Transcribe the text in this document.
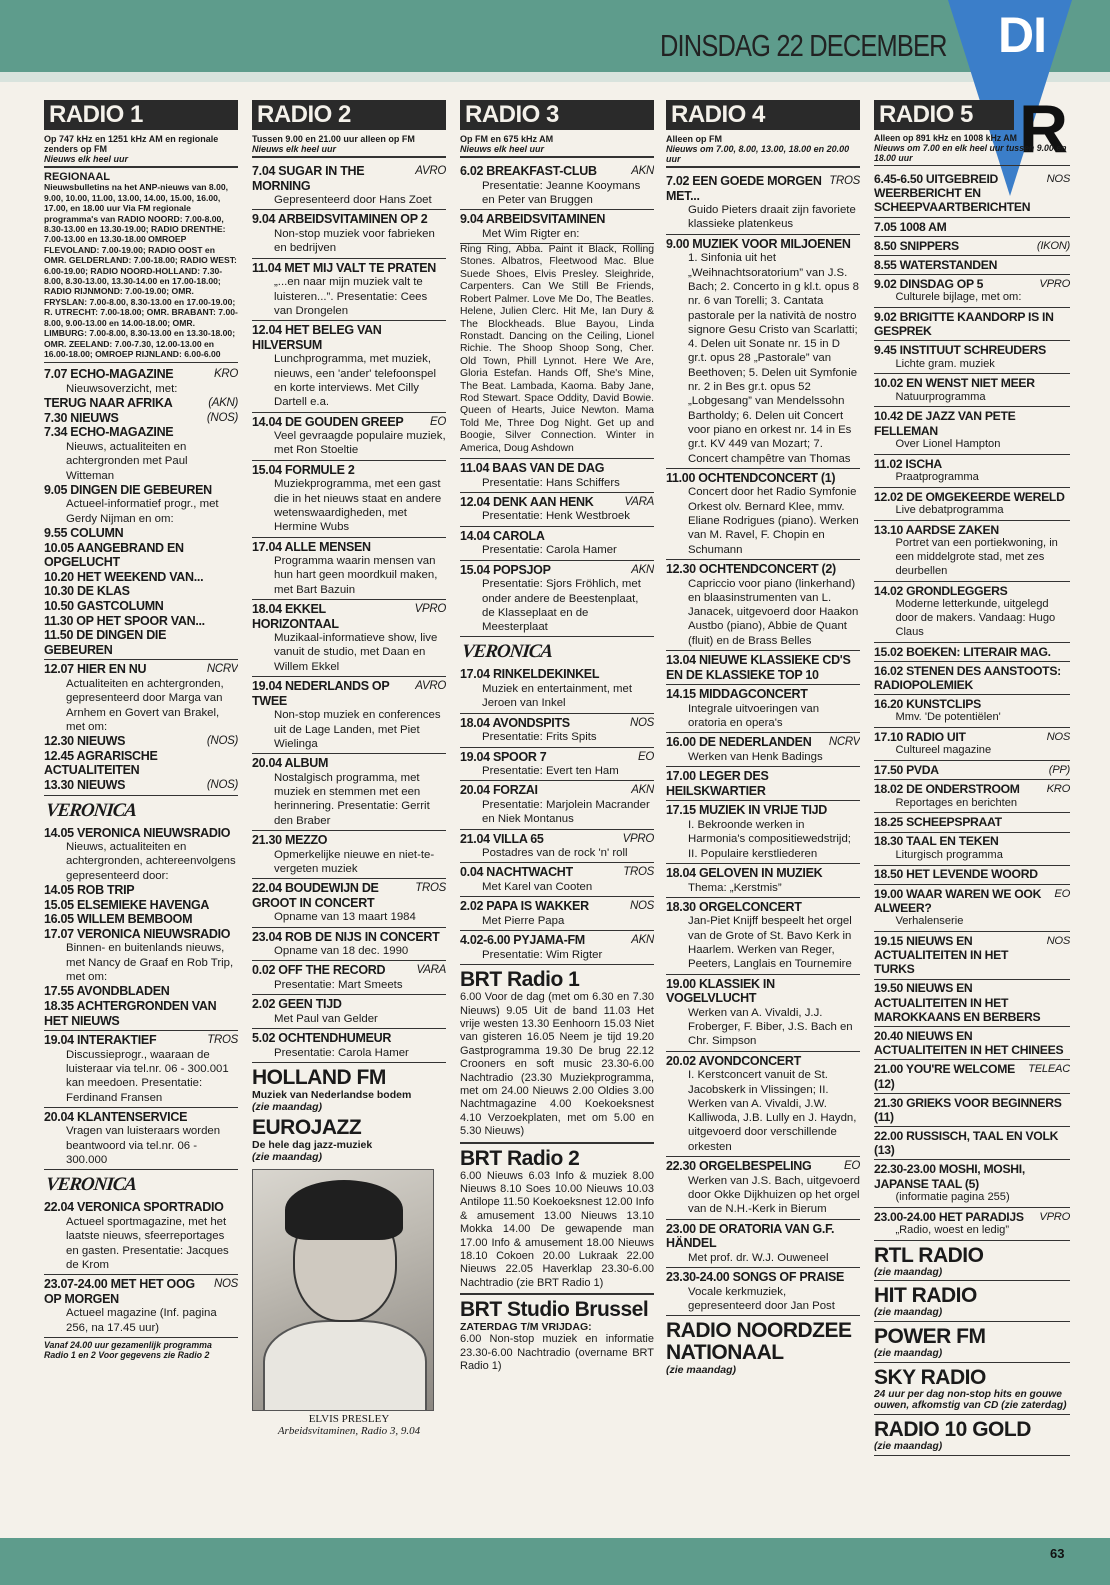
DINSDAG 22 DECEMBER DI
R
RADIO 1
Op 747 kHz en 1251 kHz AM en regionale zenders op FM
Nieuws elk heel uur
REGIONAAL
Nieuwsbulletins na het ANP-nieuws van 8.00, 9.00, 10.00, 11.00, 13.00, 14.00, 15.00, 16.00, 17.00, en 18.00 uur Via FM regionale programma's van RADIO NOORD: 7.00-8.00, 8.30-13.00 en 13.30-19.00; RADIO DRENTHE: 7.00-13.00 en 13.30-18.00 OMROEP FLEVOLAND: 7.00-19.00; RADIO OOST en OMR. GELDERLAND: 7.00-18.00; RADIO WEST: 6.00-19.00; RADIO NOORD-HOLLAND: 7.30-8.00, 8.30-13.00, 13.30-14.00 en 17.00-18.00; RADIO RIJNMOND: 7.00-19.00; OMR. FRYSLAN: 7.00-8.00, 8.30-13.00 en 17.00-19.00; R. UTRECHT: 7.00-18.00; OMR. BRABANT: 7.00-8.00, 9.00-13.00 en 14.00-18.00; OMR. LIMBURG: 7.00-8.00, 8.30-13.00 en 13.30-18.00; OMR. ZEELAND: 7.00-7.30, 12.00-13.00 en 16.00-18.00; OMROEP RIJNLAND: 6.00-6.00
7.07 ECHO-MAGAZINE	KRO
Nieuwsoverzicht, met:
TERUG NAAR AFRIKA	(AKN)
7.30 NIEUWS	(NOS)
7.34 ECHO-MAGAZINE
Nieuws, actualiteiten en achtergronden met Paul Witteman
9.05 DINGEN DIE GEBEUREN
Actueel-informatief progr., met Gerdy Nijman en om:
9.55 COLUMN
10.05 AANGEBRAND EN OPGELUCHT
10.20 HET WEEKEND VAN...
10.30 DE KLAS
10.50 GASTCOLUMN
11.30 OP HET SPOOR VAN...
11.50 DE DINGEN DIE GEBEUREN
12.07 HIER EN NU	NCRV
Actualiteiten en achtergronden, gepresenteerd door Marga van Arnhem en Govert van Brakel, met om:
12.30 NIEUWS	(NOS)
12.45 AGRARISCHE ACTUALITEITEN
13.30 NIEUWS	(NOS)
VERONICA
14.05 VERONICA NIEUWSRADIO
Nieuws, actualiteiten en achtergronden, achtereenvolgens gepresenteerd door:
14.05 ROB TRIP
15.05 ELSEMIEKE HAVENGA
16.05 WILLEM BEMBOOM
17.07 VERONICA NIEUWSRADIO
Binnen- en buitenlands nieuws, met Nancy de Graaf en Rob Trip, met om:
17.55 AVONDBLADEN
18.35 ACHTERGRONDEN VAN HET NIEUWS
19.04 INTERAKTIEF	TROS
Discussieprogr., waaraan de luisteraar via tel.nr. 06 - 300.001 kan meedoen. Presentatie: Ferdinand Fransen
20.04 KLANTENSERVICE
Vragen van luisteraars worden beantwoord via tel.nr. 06 - 300.000
VERONICA
22.04 VERONICA SPORTRADIO
Actueel sportmagazine, met het laatste nieuws, sfeerreportages en gasten. Presentatie: Jacques de Krom
23.07-24.00 MET HET OOG OP MORGEN
NOS
Actueel magazine (Inf. pagina 256, na 17.45 uur)
Vanaf 24.00 uur gezamenlijk programma Radio 1 en 2 Voor gegevens zie Radio 2
RADIO 2
Tussen 9.00 en 21.00 uur alleen op FM
Nieuws elk heel uur
7.04 SUGAR IN THE MORNING
AVRO
Gepresenteerd door Hans Zoet
9.04 ARBEIDSVITAMINEN OP 2
Non-stop muziek voor fabrieken en bedrijven
11.04 MET MIJ VALT TE PRATEN
„...en naar mijn muziek valt te luisteren...”. Presentatie: Cees van Drongelen
12.04 HET BELEG VAN HILVERSUM
Lunchprogramma, met muziek, nieuws, een 'ander' telefoonspel en korte interviews. Met Cilly Dartell e.a.
14.04 DE GOUDEN GREEP EO
Veel gevraagde populaire muziek, met Ron Stoeltie
15.04 FORMULE 2
Muziekprogramma, met een gast die in het nieuws staat en andere wetenswaardigheden, met Hermine Wubs
17.04 ALLE MENSEN
Programma waarin mensen van hun hart geen moordkuil maken, met Bart Bazuin
18.04 EKKEL HORIZONTAAL
VPRO
Muzikaal-informatieve show, live vanuit de studio, met Daan en Willem Ekkel
19.04 NEDERLANDS OP TWEE
AVRO
Non-stop muziek en conferences uit de Lage Landen, met Piet Wielinga
20.04 ALBUM
Nostalgisch programma, met muziek en stemmen met een herinnering. Presentatie: Gerrit den Braber
21.30 MEZZO
Opmerkelijke nieuwe en niet-te-vergeten muziek
22.04 BOUDEWIJN DE GROOT IN CONCERT
TROS
Opname van 13 maart 1984
23.04 ROB DE NIJS IN CONCERT
Opname van 18 dec. 1990
0.02 OFF THE RECORD	VARA
Presentatie: Mart Smeets
2.02 GEEN TIJD
Met Paul van Gelder
5.02 OCHTENDHUMEUR
Presentatie: Carola Hamer
HOLLAND FM
Muziek van Nederlandse bodem
(zie maandag)
EUROJAZZ
De hele dag jazz-muziek
(zie maandag)
ELVIS PRESLEY
Arbeidsvitaminen, Radio 3, 9.04
RADIO 3
Op FM en 675 kHz AM
Nieuws elk heel uur
6.02 BREAKFAST-CLUB	AKN
Presentatie: Jeanne Kooymans en Peter van Bruggen
9.04 ARBEIDSVITAMINEN
Met Wim Rigter en:
Ring Ring, Abba. Paint it Black, Rolling Stones. Albatros, Fleetwood Mac. Blue Suede Shoes, Elvis Presley. Sleighride, Carpenters. Can We Still Be Friends, Robert Palmer. Love Me Do, The Beatles. Helene, Julien Clerc. Hit Me, Ian Dury & The Blockheads. Blue Bayou, Linda Ronstadt. Dancing on the Ceiling, Lionel Richie. The Shoop Shoop Song, Cher. Old Town, Phill Lynnot. Here We Are, Gloria Estefan. Hands Off, She's Mine, The Beat. Lambada, Kaoma. Baby Jane, Rod Stewart. Space Oddity, David Bowie. Queen of Hearts, Juice Newton. Mama Told Me, Three Dog Night. Get up and Boogie, Silver Connection. Winter in America, Doug Ashdown
11.04 BAAS VAN DE DAG
Presentatie: Hans Schiffers
12.04 DENK AAN HENK	VARA
Presentatie: Henk Westbroek
14.04 CAROLA
Presentatie: Carola Hamer
15.04 POPSJOP	AKN
Presentatie: Sjors Fröhlich, met onder andere de Beestenplaat, de Klasseplaat en de Meesterplaat
VERONICA
17.04 RINKELDEKINKEL
Muziek en entertainment, met Jeroen van Inkel
18.04 AVONDSPITS	NOS
Presentatie: Frits Spits
19.04 SPOOR 7	EO
Presentatie: Evert ten Ham
20.04 FORZAI	AKN
Presentatie: Marjolein Macrander en Niek Montanus
21.04 VILLA 65	VPRO
Postadres van de rock 'n' roll
0.04 NACHTWACHT	TROS
Met Karel van Cooten
2.02 PAPA IS WAKKER	NOS
Met Pierre Papa
4.02-6.00 PYJAMA-FM	AKN
Presentatie: Wim Rigter
BRT Radio 1
6.00 Voor de dag (met om 6.30 en 7.30 Nieuws) 9.05 Uit de band 11.03 Het vrije westen 13.30 Eenhoorn 15.03 Niet van gisteren 16.05 Neem je tijd 19.20 Gastprogramma 19.30 De brug 22.12 Crooners en soft music 23.30-6.00 Nachtradio (23.30 Muziekprogramma, met om 24.00 Nieuws 2.00 Oldies 3.00 Nachtmagazine 4.00 Koekoeksnest 4.10 Verzoekplaten, met om 5.00 en 5.30 Nieuws)
BRT Radio 2
6.00 Nieuws 6.03 Info & muziek 8.00 Nieuws 8.10 Soes 10.00 Nieuws 10.03 Antilope 11.50 Koekoeksnest 12.00 Info & amusement 13.00 Nieuws 13.10 Mokka 14.00 De gewapende man 17.00 Info & amusement 18.00 Nieuws 18.10 Cokoen 20.00 Lukraak 22.00 Nieuws 22.05 Haverklap 23.30-6.00 Nachtradio (zie BRT Radio 1)
BRT Studio Brussel
ZATERDAG T/M VRIJDAG:
6.00 Non-stop muziek en informatie 23.30-6.00 Nachtradio (overname BRT Radio 1)
RADIO 4
Alleen op FM
Nieuws om 7.00, 8.00, 13.00, 18.00 en 20.00 uur
7.02 EEN GOEDE MORGEN MET...
TROS
Guido Pieters draait zijn favoriete klassieke platenkeus
9.00 MUZIEK VOOR MILJOENEN
1. Sinfonia uit het „Weihnachtsoratorium” van J.S. Bach; 2. Concerto in g kl.t. opus 8 nr. 6 van Torelli; 3. Cantata pastorale per la natività de nostro signore Gesu Cristo van Scarlatti; 4. Delen uit Sonate nr. 15 in D gr.t. opus 28 „Pastorale” van Beethoven; 5. Delen uit Symfonie nr. 2 in Bes gr.t. opus 52 „Lobgesang” van Mendelssohn Bartholdy; 6. Delen uit Concert voor piano en orkest nr. 14 in Es gr.t. KV 449 van Mozart; 7. Concert champêtre van Thomas
11.00 OCHTENDCONCERT (1)
Concert door het Radio Symfonie Orkest olv. Bernard Klee, mmv. Eliane Rodrigues (piano). Werken van M. Ravel, F. Chopin en Schumann
12.30 OCHTENDCONCERT (2)
Capriccio voor piano (linkerhand) en blaasinstrumenten van L. Janacek, uitgevoerd door Haakon Austbo (piano), Abbie de Quant (fluit) en de Brass Belles
13.04 NIEUWE KLASSIEKE CD'S EN DE KLASSIEKE TOP 10
14.15 MIDDAGCONCERT
Integrale uitvoeringen van oratoria en opera's
16.00 DE NEDERLANDEN NCRV
Werken van Henk Badings
17.00 LEGER DES HEILSKWARTIER
17.15 MUZIEK IN VRIJE TIJD
I. Bekroonde werken in Harmonia's compositiewedstrijd; II. Populaire kerstliederen
18.04 GELOVEN IN MUZIEK
Thema: „Kerstmis”
18.30 ORGELCONCERT
Jan-Piet Knijff bespeelt het orgel van de Grote of St. Bavo Kerk in Haarlem. Werken van Reger, Peeters, Langlais en Tournemire
19.00 KLASSIEK IN VOGELVLUCHT
Werken van A. Vivaldi, J.J. Froberger, F. Biber, J.S. Bach en Chr. Simpson
20.02 AVONDCONCERT
I. Kerstconcert vanuit de St. Jacobskerk in Vlissingen; II. Werken van A. Vivaldi, J.W. Kalliwoda, J.B. Lully en J. Haydn, uitgevoerd door verschillende orkesten
22.30 ORGELBESPELING	EO
Werken van J.S. Bach, uitgevoerd door Okke Dijkhuizen op het orgel van de N.H.-Kerk in Bierum
23.00 DE ORATORIA VAN G.F. HÄNDEL
Met prof. dr. W.J. Ouweneel
23.30-24.00 SONGS OF PRAISE
Vocale kerkmuziek, gepresenteerd door Jan Post
RADIO NOORDZEE NATIONAAL
(zie maandag)
RADIO 5
Alleen op 891 kHz en 1008 kHz AM
Nieuws om 7.00 en elk heel uur tussen 9.00 en 18.00 uur
6.45-6.50 UITGEBREID WEERBERICHT EN SCHEEPVAARTBERICHTEN
NOS
7.05 1008 AM
8.50 SNIPPERS	(IKON)
8.55 WATERSTANDEN
9.02 DINSDAG OP 5	VPRO
Culturele bijlage, met om:
9.02 BRIGITTE KAANDORP IS IN GESPREK
9.45 INSTITUUT SCHREUDERS
Lichte gram. muziek
10.02 EN WENST NIET MEER
Natuurprogramma
10.42 DE JAZZ VAN PETE FELLEMAN
Over Lionel Hampton
11.02 ISCHA
Praatprogramma
12.02 DE OMGEKEERDE WERELD
Live debatprogramma
13.10 AARDSE ZAKEN
Portret van een portiekwoning, in een middelgrote stad, met zes deurbellen
14.02 GRONDLEGGERS
Moderne letterkunde, uitgelegd door de makers. Vandaag: Hugo Claus
15.02 BOEKEN: LITERAIR MAG.
16.02 STENEN DES AANSTOOTS: RADIOPOLEMIEK
16.20 KUNSTCLIPS
Mmv. 'De potentiëlen'
17.10 RADIO UIT	NOS
Cultureel magazine
17.50 PVDA	(PP)
18.02 DE ONDERSTROOM KRO
Reportages en berichten
18.25 SCHEEPSPRAAT
18.30 TAAL EN TEKEN
Liturgisch programma
18.50 HET LEVENDE WOORD
19.00 WAAR WAREN WE OOK ALWEER?
EO
Verhalenserie
19.15 NIEUWS EN ACTUALITEITEN IN HET TURKS
NOS
19.50 NIEUWS EN ACTUALITEITEN IN HET MAROKKAANS EN BERBERS
20.40 NIEUWS EN ACTUALITEITEN IN HET CHINEES
21.00 YOU'RE WELCOME (12)
TELEAC
21.30 GRIEKS VOOR BEGINNERS (11)
22.00 RUSSISCH, TAAL EN VOLK (13)
22.30-23.00 MOSHI, MOSHI, JAPANSE TAAL (5)
(informatie pagina 255)
23.00-24.00 HET PARADIJS VPRO
„Radio, woest en ledig”
RTL RADIO
(zie maandag)
HIT RADIO
(zie maandag)
POWER FM
(zie maandag)
SKY RADIO
24 uur per dag non-stop hits en gouwe ouwen, afkomstig van CD (zie zaterdag)
RADIO 10 GOLD
(zie maandag)
63
